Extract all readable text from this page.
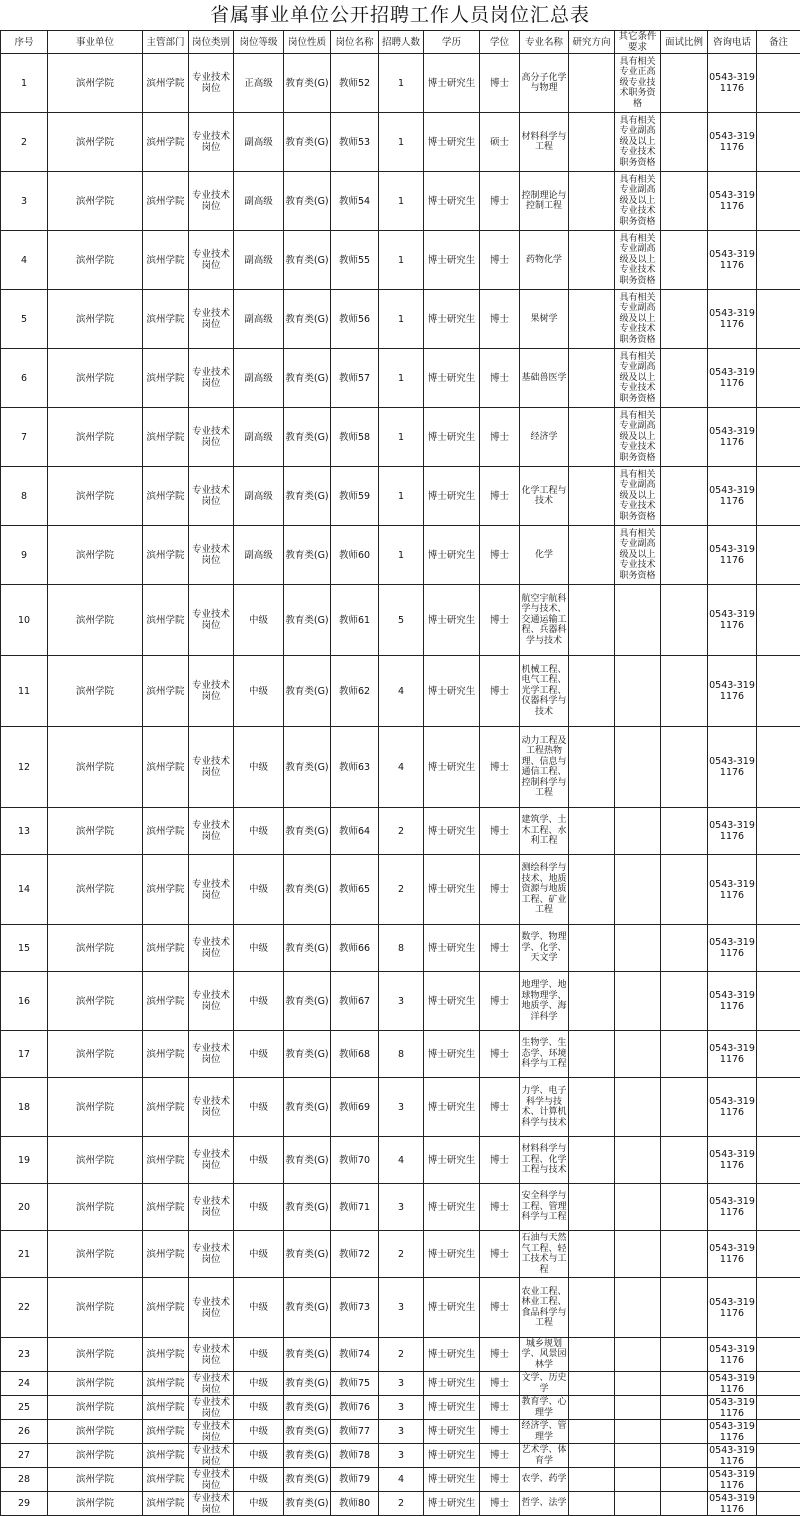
省属事业单位公开招聘工作人员岗位汇总表
序号	事业单位	主管部门	岗位类别	岗位等级	岗位性质	岗位名称	招聘人数	学历	学位	专业名称	研究方向	其它条件要求	面试比例	咨询电话	备注
1	滨州学院	滨州学院	专业技术岗位	正高级	教育类(G)	教师52	1	博士研究生	博士	高分子化学与物理		具有相关专业正高级专业技术职务资格		0543-3191176	
2	滨州学院	滨州学院	专业技术岗位	副高级	教育类(G)	教师53	1	博士研究生	硕士	材料科学与工程		具有相关专业副高级及以上专业技术职务资格		0543-3191176	
3	滨州学院	滨州学院	专业技术岗位	副高级	教育类(G)	教师54	1	博士研究生	博士	控制理论与控制工程		具有相关专业副高级及以上专业技术职务资格		0543-3191176	
4	滨州学院	滨州学院	专业技术岗位	副高级	教育类(G)	教师55	1	博士研究生	博士	药物化学		具有相关专业副高级及以上专业技术职务资格		0543-3191176	
5	滨州学院	滨州学院	专业技术岗位	副高级	教育类(G)	教师56	1	博士研究生	博士	果树学		具有相关专业副高级及以上专业技术职务资格		0543-3191176	
6	滨州学院	滨州学院	专业技术岗位	副高级	教育类(G)	教师57	1	博士研究生	博士	基础兽医学		具有相关专业副高级及以上专业技术职务资格		0543-3191176	
7	滨州学院	滨州学院	专业技术岗位	副高级	教育类(G)	教师58	1	博士研究生	博士	经济学		具有相关专业副高级及以上专业技术职务资格		0543-3191176	
8	滨州学院	滨州学院	专业技术岗位	副高级	教育类(G)	教师59	1	博士研究生	博士	化学工程与技术		具有相关专业副高级及以上专业技术职务资格		0543-3191176	
9	滨州学院	滨州学院	专业技术岗位	副高级	教育类(G)	教师60	1	博士研究生	博士	化学		具有相关专业副高级及以上专业技术职务资格		0543-3191176	
10	滨州学院	滨州学院	专业技术岗位	中级	教育类(G)	教师61	5	博士研究生	博士	航空宇航科学与技术、交通运输工程、兵器科学与技术				0543-3191176	
11	滨州学院	滨州学院	专业技术岗位	中级	教育类(G)	教师62	4	博士研究生	博士	机械工程、电气工程、光学工程、仪器科学与技术				0543-3191176	
12	滨州学院	滨州学院	专业技术岗位	中级	教育类(G)	教师63	4	博士研究生	博士	动力工程及工程热物理、信息与通信工程、控制科学与工程				0543-3191176	
13	滨州学院	滨州学院	专业技术岗位	中级	教育类(G)	教师64	2	博士研究生	博士	建筑学、土木工程、水利工程				0543-3191176	
14	滨州学院	滨州学院	专业技术岗位	中级	教育类(G)	教师65	2	博士研究生	博士	测绘科学与技术、地质资源与地质工程、矿业工程				0543-3191176	
15	滨州学院	滨州学院	专业技术岗位	中级	教育类(G)	教师66	8	博士研究生	博士	数学、物理学、化学、天文学				0543-3191176	
16	滨州学院	滨州学院	专业技术岗位	中级	教育类(G)	教师67	3	博士研究生	博士	地理学、地球物理学、地质学、海洋科学				0543-3191176	
17	滨州学院	滨州学院	专业技术岗位	中级	教育类(G)	教师68	8	博士研究生	博士	生物学、生态学、环境科学与工程				0543-3191176	
18	滨州学院	滨州学院	专业技术岗位	中级	教育类(G)	教师69	3	博士研究生	博士	力学、电子科学与技术、计算机科学与技术				0543-3191176	
19	滨州学院	滨州学院	专业技术岗位	中级	教育类(G)	教师70	4	博士研究生	博士	材料科学与工程、化学工程与技术				0543-3191176	
20	滨州学院	滨州学院	专业技术岗位	中级	教育类(G)	教师71	3	博士研究生	博士	安全科学与工程、管理科学与工程				0543-3191176	
21	滨州学院	滨州学院	专业技术岗位	中级	教育类(G)	教师72	2	博士研究生	博士	石油与天然气工程、轻工技术与工程				0543-3191176	
22	滨州学院	滨州学院	专业技术岗位	中级	教育类(G)	教师73	3	博士研究生	博士	农业工程、林业工程、食品科学与工程				0543-3191176	
23	滨州学院	滨州学院	专业技术岗位	中级	教育类(G)	教师74	2	博士研究生	博士	城乡规划学、风景园林学				0543-3191176	
24	滨州学院	滨州学院	专业技术岗位	中级	教育类(G)	教师75	3	博士研究生	博士	文学、历史学				0543-3191176	
25	滨州学院	滨州学院	专业技术岗位	中级	教育类(G)	教师76	3	博士研究生	博士	教育学、心理学				0543-3191176	
26	滨州学院	滨州学院	专业技术岗位	中级	教育类(G)	教师77	3	博士研究生	博士	经济学、管理学				0543-3191176	
27	滨州学院	滨州学院	专业技术岗位	中级	教育类(G)	教师78	3	博士研究生	博士	艺术学、体育学				0543-3191176	
28	滨州学院	滨州学院	专业技术岗位	中级	教育类(G)	教师79	4	博士研究生	博士	农学、药学				0543-3191176	
29	滨州学院	滨州学院	专业技术岗位	中级	教育类(G)	教师80	2	博士研究生	博士	哲学、法学				0543-3191176	
